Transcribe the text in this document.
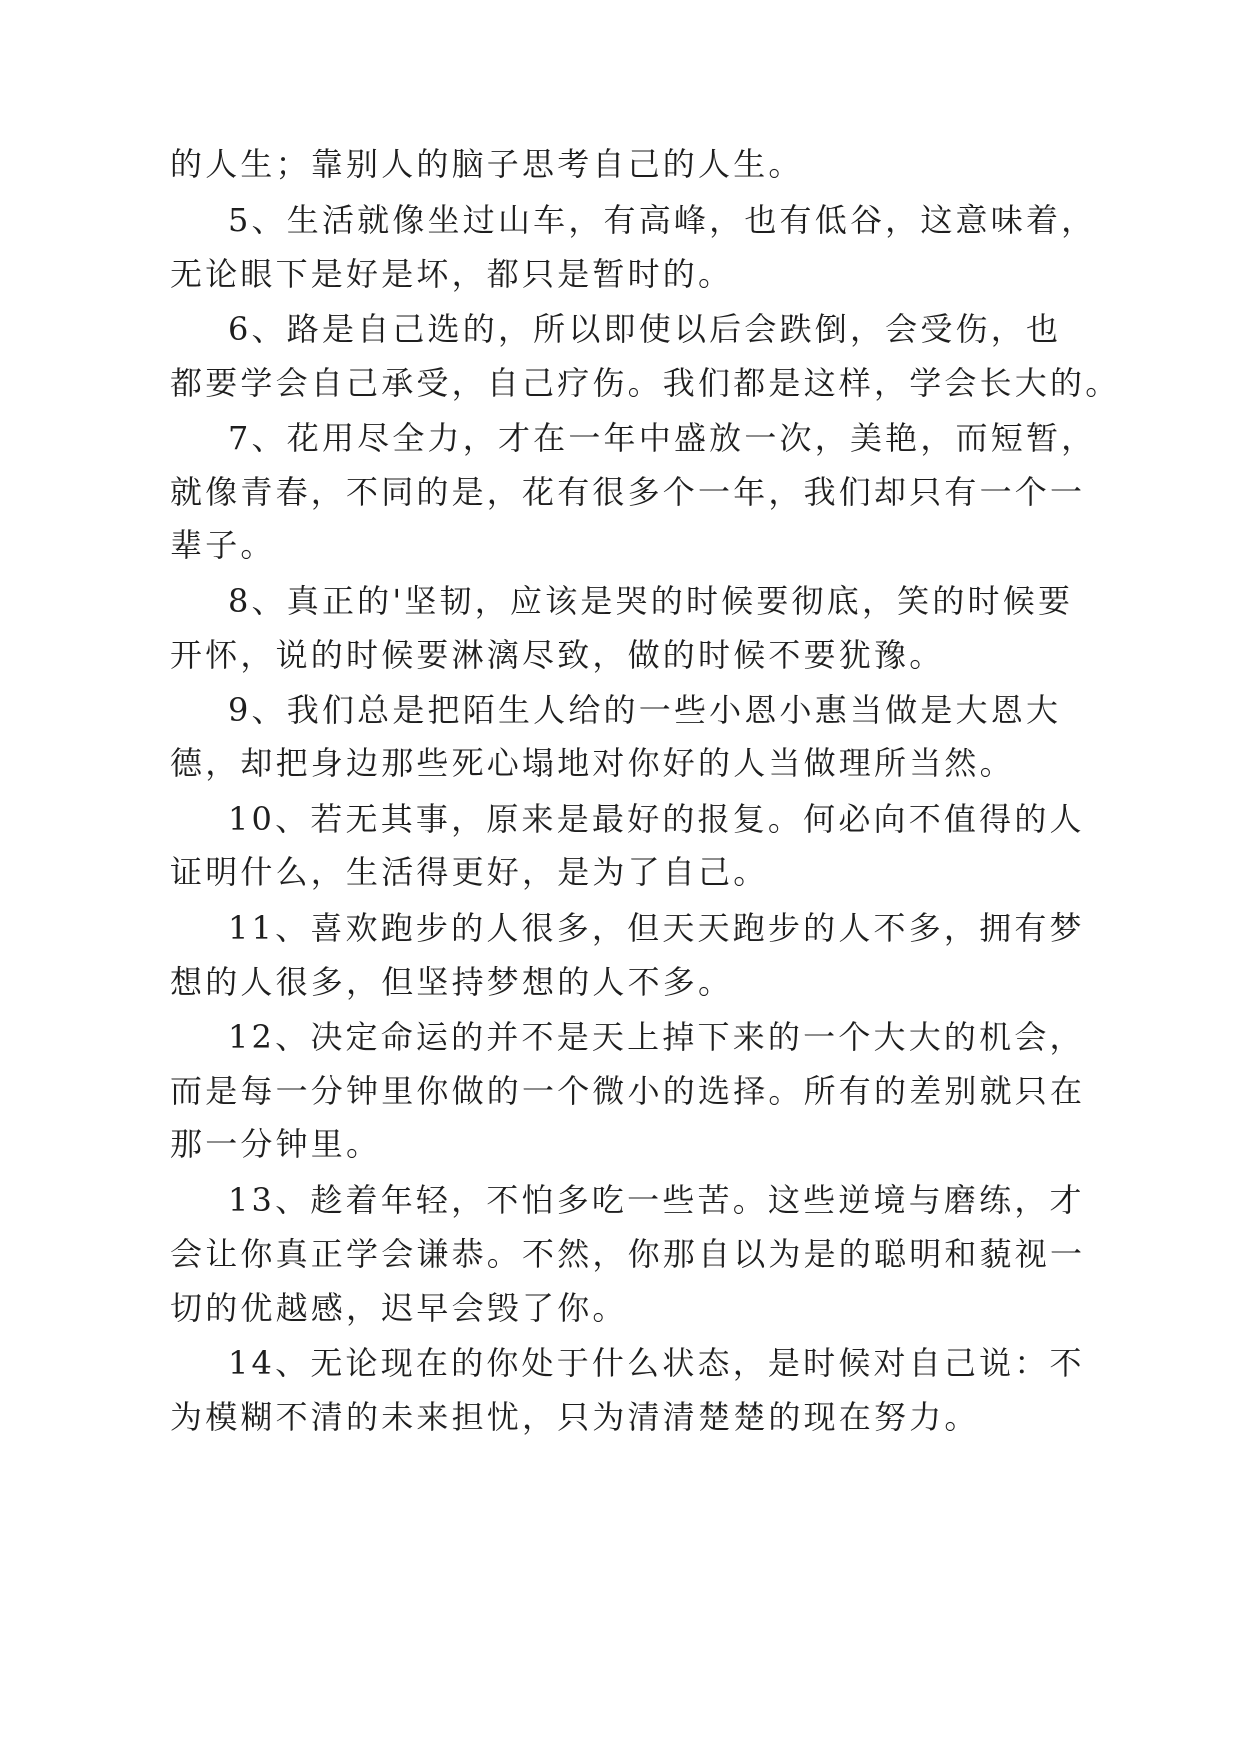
的人生；靠别人的脑子思考自己的人生。
5、生活就像坐过山车，有高峰，也有低谷，这意味着，
无论眼下是好是坏，都只是暂时的。
6、路是自己选的，所以即使以后会跌倒，会受伤，也
都要学会自己承受，自己疗伤。我们都是这样，学会长大的。
7、花用尽全力，才在一年中盛放一次，美艳，而短暂，
就像青春，不同的是，花有很多个一年，我们却只有一个一
辈子。
8、真正的'坚韧，应该是哭的时候要彻底，笑的时候要
开怀，说的时候要淋漓尽致，做的时候不要犹豫。
9、我们总是把陌生人给的一些小恩小惠当做是大恩大
德，却把身边那些死心塌地对你好的人当做理所当然。
10、若无其事，原来是最好的报复。何必向不值得的人
证明什么，生活得更好，是为了自己。
11、喜欢跑步的人很多，但天天跑步的人不多，拥有梦
想的人很多，但坚持梦想的人不多。
12、决定命运的并不是天上掉下来的一个大大的机会，
而是每一分钟里你做的一个微小的选择。所有的差别就只在
那一分钟里。
13、趁着年轻，不怕多吃一些苦。这些逆境与磨练，才
会让你真正学会谦恭。不然，你那自以为是的聪明和藐视一
切的优越感，迟早会毁了你。
14、无论现在的你处于什么状态，是时候对自己说：不
为模糊不清的未来担忧，只为清清楚楚的现在努力。
